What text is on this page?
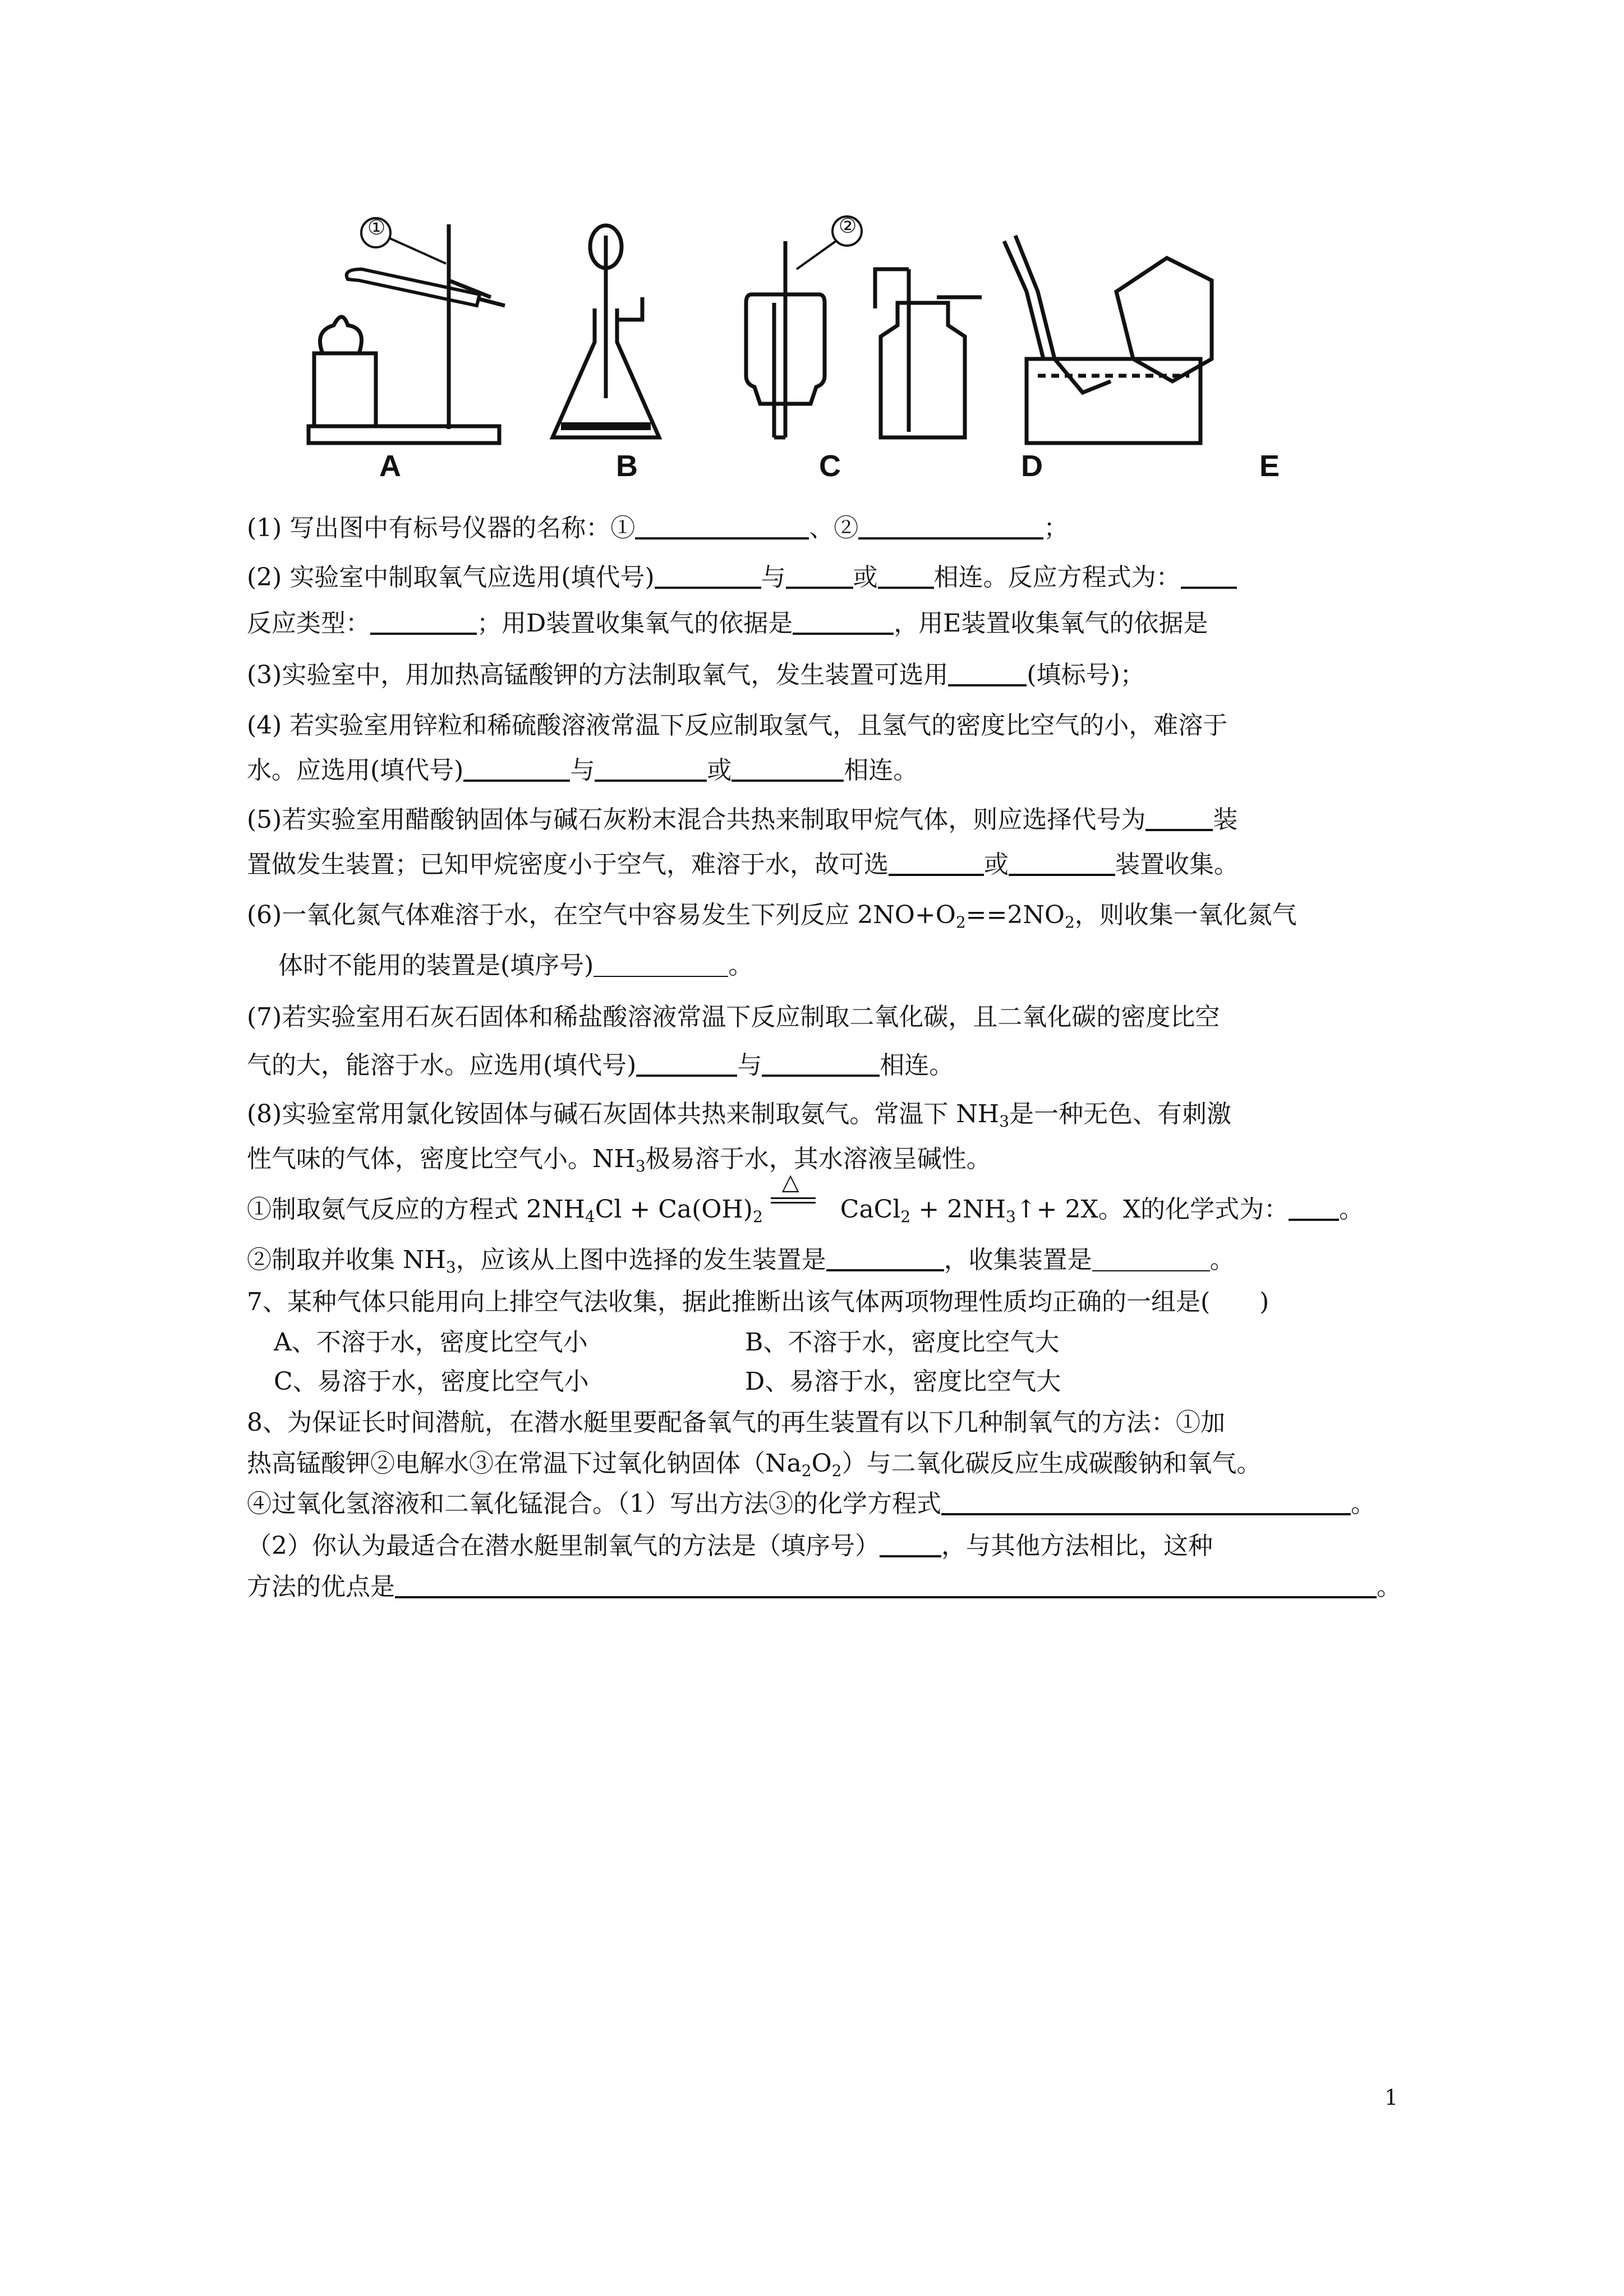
A	B	C	D	E
①	②
(1) 写出图中有标号仪器的名称：①	、②	；
(2) 实验室中制取氧气应选用(填代号)	与	或 相连。反应方程式为：
反应类型：	；用D装置收集氧气的依据是	，用E装置收集氧气的依据是
(3)实验室中，用加热高锰酸钾的方法制取氧气，发生装置可选用	(填标号)；
(4) 若实验室用锌粒和稀硫酸溶液常温下反应制取氢气，且氢气的密度比空气的小，难溶于
水。应选用(填代号)	与	或	相连。
(5)若实验室用醋酸钠固体与碱石灰粉末混合共热来制取甲烷气体，则应选择代号为	装
置做发生装置；已知甲烷密度小于空气，难溶于水，故可选	或	装置收集。
(6)一氧化氮气体难溶于水，在空气中容易发生下列反应 $2NO+O_2==2NO_2$，则收集一氧化氮气
体时不能用的装置是(填序号)	。
(7)若实验室用石灰石固体和稀盐酸溶液常温下反应制取二氧化碳，且二氧化碳的密度比空
气的大，能溶于水。应选用(填代号)	与	相连。
(8)实验室常用氯化铵固体与碱石灰固体共热来制取氨气。常温下 $NH_3$是一种无色、有刺激
性气味的气体，密度比空气小。$NH_3$极易溶于水，其水溶液呈碱性。
①制取氨气反应的方程式 $2NH_4Cl + Ca(OH)_2$
△
CaCl$_2$ + $2NH_3↑+ 2X$。X的化学式为： 。
②制取并收集 $NH_3$，应该从上图中选择的发生装置是	，收集装置是	。
7、某种气体只能用向上排空气法收集，据此推断出该气体两项物理性质均正确的一组是(　　)
A、不溶于水，密度比空气小	B、不溶于水，密度比空气大
C、易溶于水，密度比空气小	D、易溶于水，密度比空气大
8、为保证长时间潜航，在潜水艇里要配备氧气的再生装置有以下几种制氧气的方法：①加
热高锰酸钾②电解水③在常温下过氧化钠固体$(Na_2O_2)$与二氧化碳反应生成碳酸钠和氧气。
④过氧化氢溶液和二氧化锰混合。（1）写出方法③的化学方程式	。
（2）你认为最适合在潜水艇里制氧气的方法是（填序号）	，与其他方法相比，这种
方法的优点是	。
1
